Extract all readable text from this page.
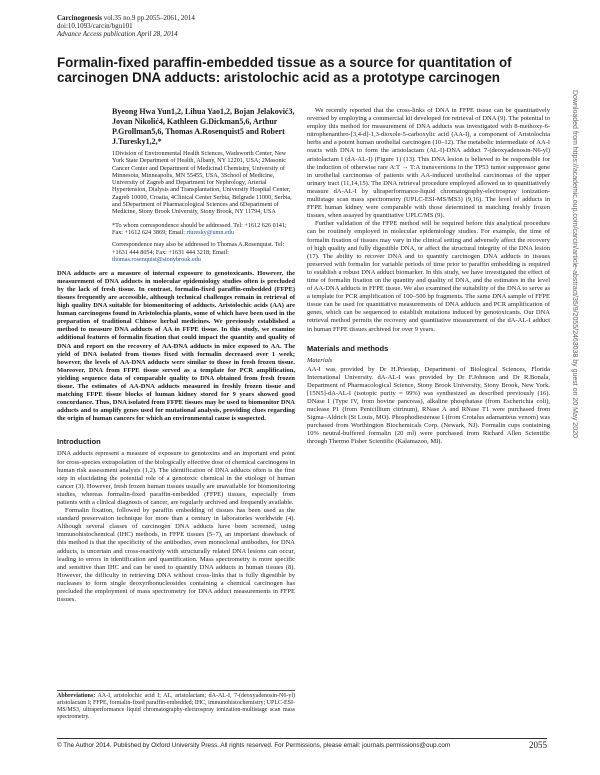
Carcinogenesis vol.35 no.9 pp.2055–2061, 2014
doi:10.1093/carcin/bgu101
Advance Access publication April 28, 2014
Formalin-fixed paraffin-embedded tissue as a source for quantitation of carcinogen DNA adducts: aristolochic acid as a prototype carcinogen
Byeong Hwa Yun1,2, Lihua Yao1,2, Bojan Jelaković3, Jovan Nikolić4, Kathleen G.Dickman5,6, Arthur P.Grollman5,6, Thomas A.Rosenquist5 and Robert J.Turesky1,2,*
1Division of Environmental Health Sciences, Wadsworth Center, New York State Department of Health, Albany, NY 12201, USA; 2Masonic Cancer Center and Department of Medicinal Chemistry, University of Minnesota, Minneapolis, MN 55455, USA, 3School of Medicine, University of Zagreb and Department for Nephrology, Arterial Hypertension, Dialysis and Transplantation, University Hospital Center, Zagreb 10000, Croatia, 4Clinical Center Serbia, Belgrade 11000, Serbia, and 5Department of Pharmacological Sciences and 6Department of Medicine, Stony Brook University, Stony Brook, NY 11794, USA
*To whom correspondence should be addressed. Tel: +1612 626 0141; Fax: +1612 624 3869; Email: rturesky@umn.edu
Correspondence may also be addressed to Thomas A.Rosenquist. Tel: +1631 444 8054; Fax: +1631 444 3218; Email: thomas.rosenquist@stonybrook.edu

DNA adducts are a measure of internal exposure to genotoxicants. However, the measurement of DNA adducts in molecular epidemiology studies often is precluded by the lack of fresh tissue. In contrast, formalin-fixed paraffin-embedded (FFPE) tissues frequently are accessible, although technical challenges remain in retrieval of high quality DNA suitable for biomonitoring of adducts. Aristolochic acids (AA) are human carcinogens found in Aristolochia plants, some of which have been used in the preparation of traditional Chinese herbal medicines. We previously established a method to measure DNA adducts of AA in FFPE tissue. In this study, we examine additional features of formalin fixation that could impact the quantity and quality of DNA and report on the recovery of AA-DNA adducts in mice exposed to AA. The yield of DNA isolated from tissues fixed with formalin decreased over 1 week; however, the levels of AA-DNA adducts were similar to those in fresh frozen tissue. Moreover, DNA from FFPE tissue served as a template for PCR amplification, yielding sequence data of comparable quality to DNA obtained from fresh frozen tissue. The estimates of AA-DNA adducts measured in freshly frozen tissue and matching FFPE tissue blocks of human kidney stored for 9 years showed good concordance. Thus, DNA isolated from FFPE tissues may be used to biomonitor DNA adducts and to amplify genes used for mutational analysis, providing clues regarding the origin of human cancers for which an environmental cause is suspected.

Introduction

DNA adducts represent a measure of exposure to genotoxins and an important end point for cross-species extrapolation of the biologically effective dose of chemical carcinogens in human risk assessment analysis (1,2). The identification of DNA adducts often is the first step in elucidating the potential role of a genotoxic chemical in the etiology of human cancer (3). However, fresh frozen human tissues usually are unavailable for biomonitoring studies, whereas formalin-fixed paraffin-embedded (FFPE) tissues, especially from patients with a clinical diagnosis of cancer, are regularly archived and frequently available.

Formalin fixation, followed by paraffin embedding of tissues has been used as the standard preservation technique for more than a century in laboratories worldwide (4). Although several classes of carcinogen DNA adducts have been screened, using immunohistochemical (IHC) methods, in FFPE tissues (5–7), an important drawback of this method is that the specificity of the antibodies, even monoclonal antibodies, for DNA adducts, is uncertain and cross-reactivity with structurally related DNA lesions can occur, leading to errors in identification and quantification. Mass spectrometry is more specific and sensitive than IHC and can be used to quantify DNA adducts in human tissues (8). However, the difficulty in retrieving DNA without cross-links that is fully digestible by nucleases to form single deoxyribonucleosides containing a chemical carcinogen has precluded the employment of mass spectrometry for DNA adduct measurements in FFPE tissues.

We recently reported that the cross-links of DNA in FFPE tissue can be quantitatively reversed by employing a commercial kit developed for retrieval of DNA (9). The potential to employ this method for measurement of DNA adducts was investigated with 8-methoxy-6-nitrophenanthro-[3,4-d]-1,3-dioxole-5-carboxylic acid (AA-I), a component of Aristolochia herbs and a potent human urothelial carcinogen (10–12). The metabolic intermediate of AA-I reacts with DNA to form the aristolactam (AL-I)-DNA adduct 7-(deoxyadenosin-N6-yl) aristolactam I (dA-AL-I) (Figure 1) (13). This DNA lesion is believed to be responsible for the induction of otherwise rare A:T → T:A transversions in the TP53 tumor suppressor gene in urothelial carcinomas of patients with AA-induced urothelial carcinomas of the upper urinary tract (11,14,15). The DNA retrieval procedure employed allowed us to quantitatively measure dA-AL-I by ultraperformance-liquid chromatography-electrospray ionization-multistage scan mass spectrometry (UPLC-ESI-MS/MS3) (9,16). The level of adducts in FFPE human kidney were comparable with those determined in matching freshly frozen tissues, when assayed by quantitative UPLC/MS (9).

Further validation of the FFPE method will be required before this analytical procedure can be routinely employed in molecular epidemiology studies. For example, the time of formalin fixation of tissues may vary in the clinical setting and adversely affect the recovery of high quality and fully digestible DNA, or affect the structural integrity of the DNA lesion (17). The ability to recover DNA and to quantify carcinogen DNA adducts in tissues preserved with formalin for variable periods of time prior to paraffin embedding is required to establish a robust DNA adduct biomarker. In this study, we have investigated the effect of time of formalin fixation on the quantity and quality of DNA, and the estimates in the level of AA-DNA adducts in FFPE tissue. We also examined the suitability of the DNA to serve as a template for PCR amplification of 100–500 bp fragments. The same DNA sample of FFPE tissue can be used for quantitative measurements of DNA adducts and PCR amplification of genes, which can be sequenced to establish mutations induced by genotoxicants. Our DNA retrieval method permits the recovery and quantitative measurement of the dA-AL-I adduct in human FFPE tissues archived for over 9 years.

Materials and methods
Materials

AA-I was provided by Dr H.Priestap, Department of Biological Sciences, Florida International University. dA-AL-I was provided by Dr F.Johnson and Dr R.Bonala, Department of Pharmacological Science, Stony Brook University, Stony Brook, New York. [15N5]-dA-AL-I (isotopic purity = 99%) was synthesized as described previously (16). DNase I (Type IV, from bovine pancreas), alkaline phosphatase (from Escherichia coli), nuclease P1 (from Penicillium citrinum), RNase A and RNase T1 were purchased from Sigma–Aldrich (St Louis, MO). Phosphodiesterase I (from Crotalus adamanteus venom) was purchased from Worthington Biochemicals Corp. (Newark, NJ). Formalin cups containing 10% neutral-buffered formalin (20 ml) were purchased from Richard Allen Scientific through Thermo Fisher Scientific (Kalamazoo, MI).

Abbreviations: AA-I, aristolochic acid I; AL, aristolactam; dA-AL-I, 7-(deoxyadenosin-N6-yl) aristolactam I; FFPE, formalin-fixed paraffin-embedded; IHC, immunohistochemistry; UPLC-ESI-MS/MS3, ultraperformance liquid chromatography-electrospray ionization-multistage scan mass spectrometry.
© The Author 2014. Published by Oxford University Press. All rights reserved. For Permissions, please email: journals.permissions@oup.com	2055
Downloaded from https://academic.oup.com/carcin/article-abstract/35/9/2055/2463038 by guest on 20 May 2020
